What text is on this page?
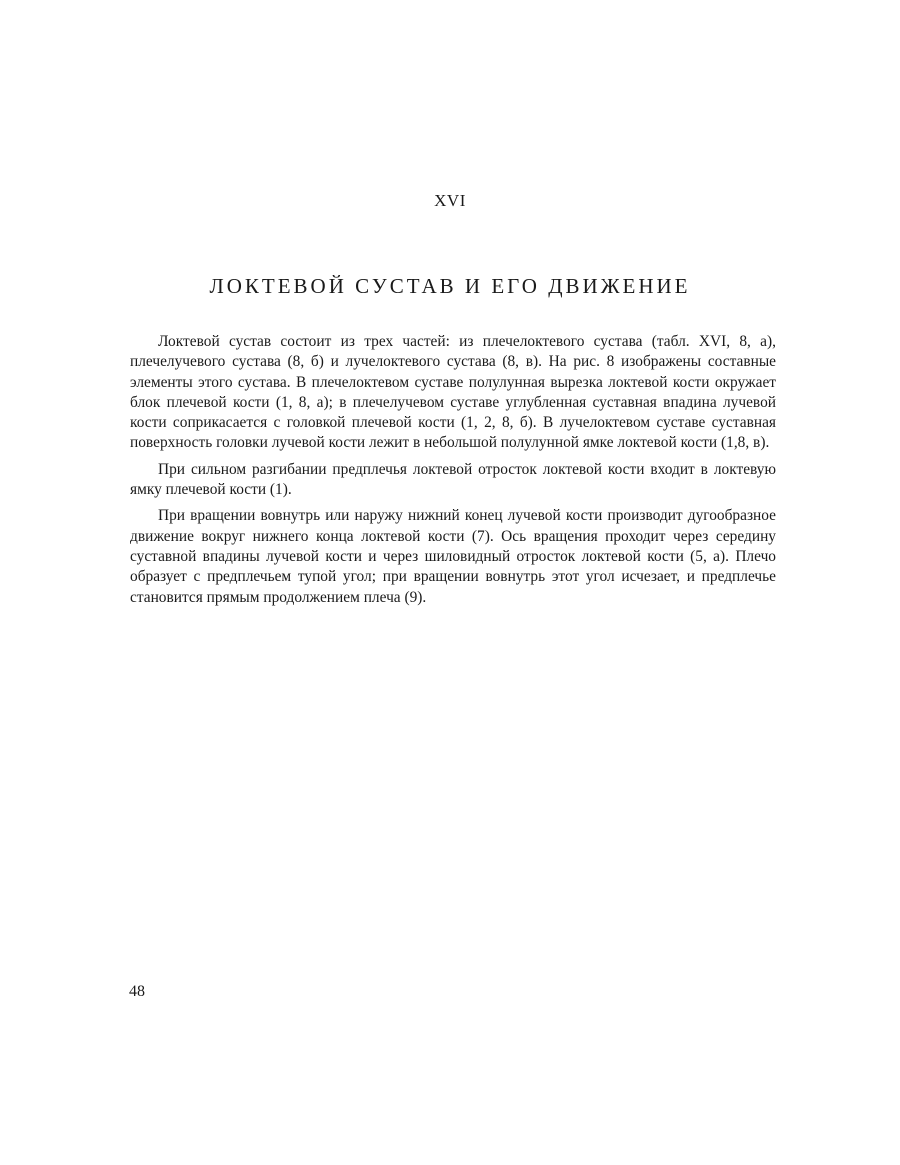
XVI
ЛОКТЕВОЙ СУСТАВ И ЕГО ДВИЖЕНИЕ

Локтевой сустав состоит из трех частей: из плечелоктевого сустава (табл. XVI, 8, а), плечелучевого сустава (8, б) и лучелоктевого сустава (8, в). На рис. 8 изображены составные элементы этого сустава. В плечелоктевом суставе полулунная вырезка локтевой кости окружает блок плечевой кости (1, 8, а); в плечелучевом суставе углубленная суставная впадина лучевой кости соприкасается с головкой плечевой кости (1, 2, 8, б). В лучелоктевом суставе суставная поверхность головки лучевой кости лежит в небольшой полулунной ямке локтевой кости (1,8, в).

При сильном разгибании предплечья локтевой отросток локтевой кости входит в локтевую ямку плечевой кости (1).

При вращении вовнутрь или наружу нижний конец лучевой кости производит дугообразное движение вокруг нижнего конца локтевой кости (7). Ось вращения проходит через середину суставной впадины лучевой кости и через шиловидный отросток локтевой кости (5, а). Плечо образует с предплечьем тупой угол; при вращении вовнутрь этот угол исчезает, и предплечье становится прямым продолжением плеча (9).

48
